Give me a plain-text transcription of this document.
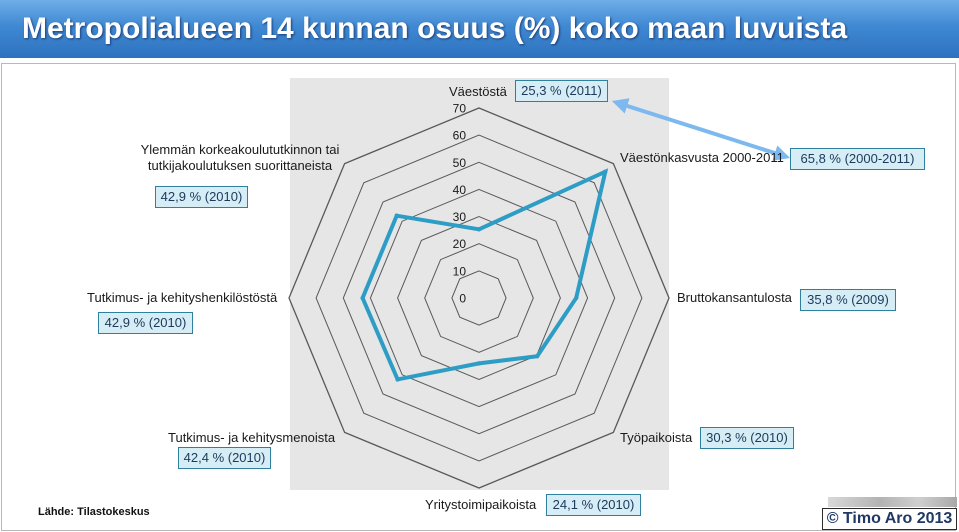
Metropolialueen 14 kunnan osuus (%) koko maan luvuista
0
10
20
30
40
50
60
70
Väestöstä
Väestönkasvusta 2000-2011
Bruttokansantulosta
Työpaikoista
Yritystoimipaikoista
Tutkimus- ja kehitysmenoista
Tutkimus- ja kehityshenkilöstöstä
Ylemmän korkeakoulututkinnon tai
tutkijakoulutuksen suorittaneista
25,3 % (2011)
65,8 % (2000-2011)
35,8 % (2009)
30,3 % (2010)
24,1 % (2010)
42,4 % (2010)
42,9 % (2010)
42,9 % (2010)
Lähde: Tilastokeskus	© Timo Aro 2013
